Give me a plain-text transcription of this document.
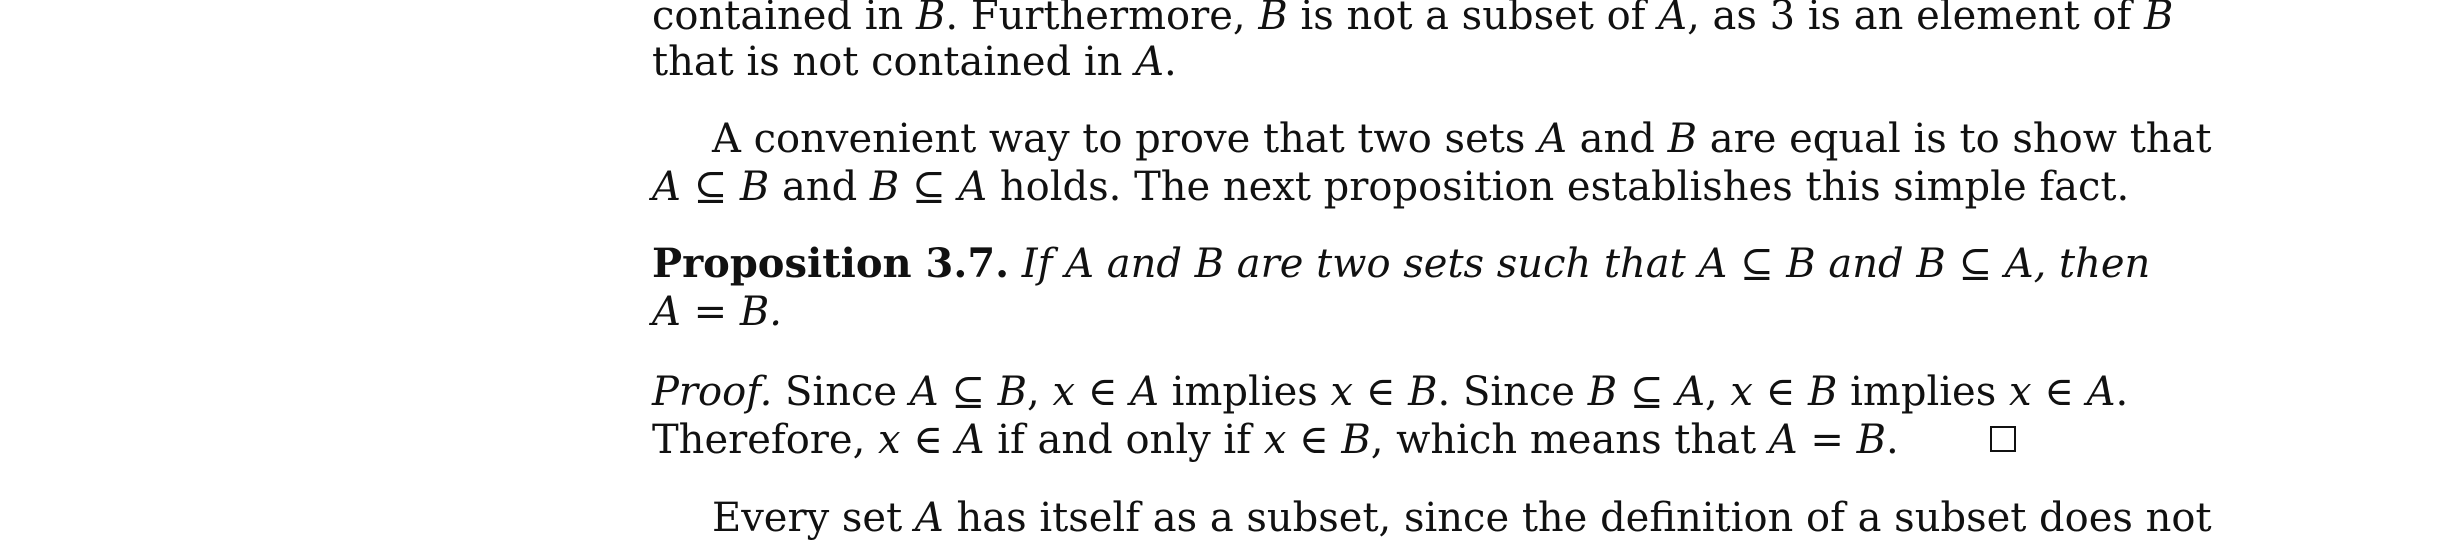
contained in B. Furthermore, B is not a subset of A, as 3 is an element of B
that is not contained in A.
A convenient way to prove that two sets A and B are equal is to show that
A ⊆ B and B ⊆ A holds. The next proposition establishes this simple fact.
Proposition 3.7. If A and B are two sets such that A ⊆ B and B ⊆ A, then
A = B.
Proof. Since A ⊆ B, x ∈ A implies x ∈ B. Since B ⊆ A, x ∈ B implies x ∈ A.
Therefore, x ∈ A if and only if x ∈ B, which means that A = B.
Every set A has itself as a subset, since the definition of a subset does not
